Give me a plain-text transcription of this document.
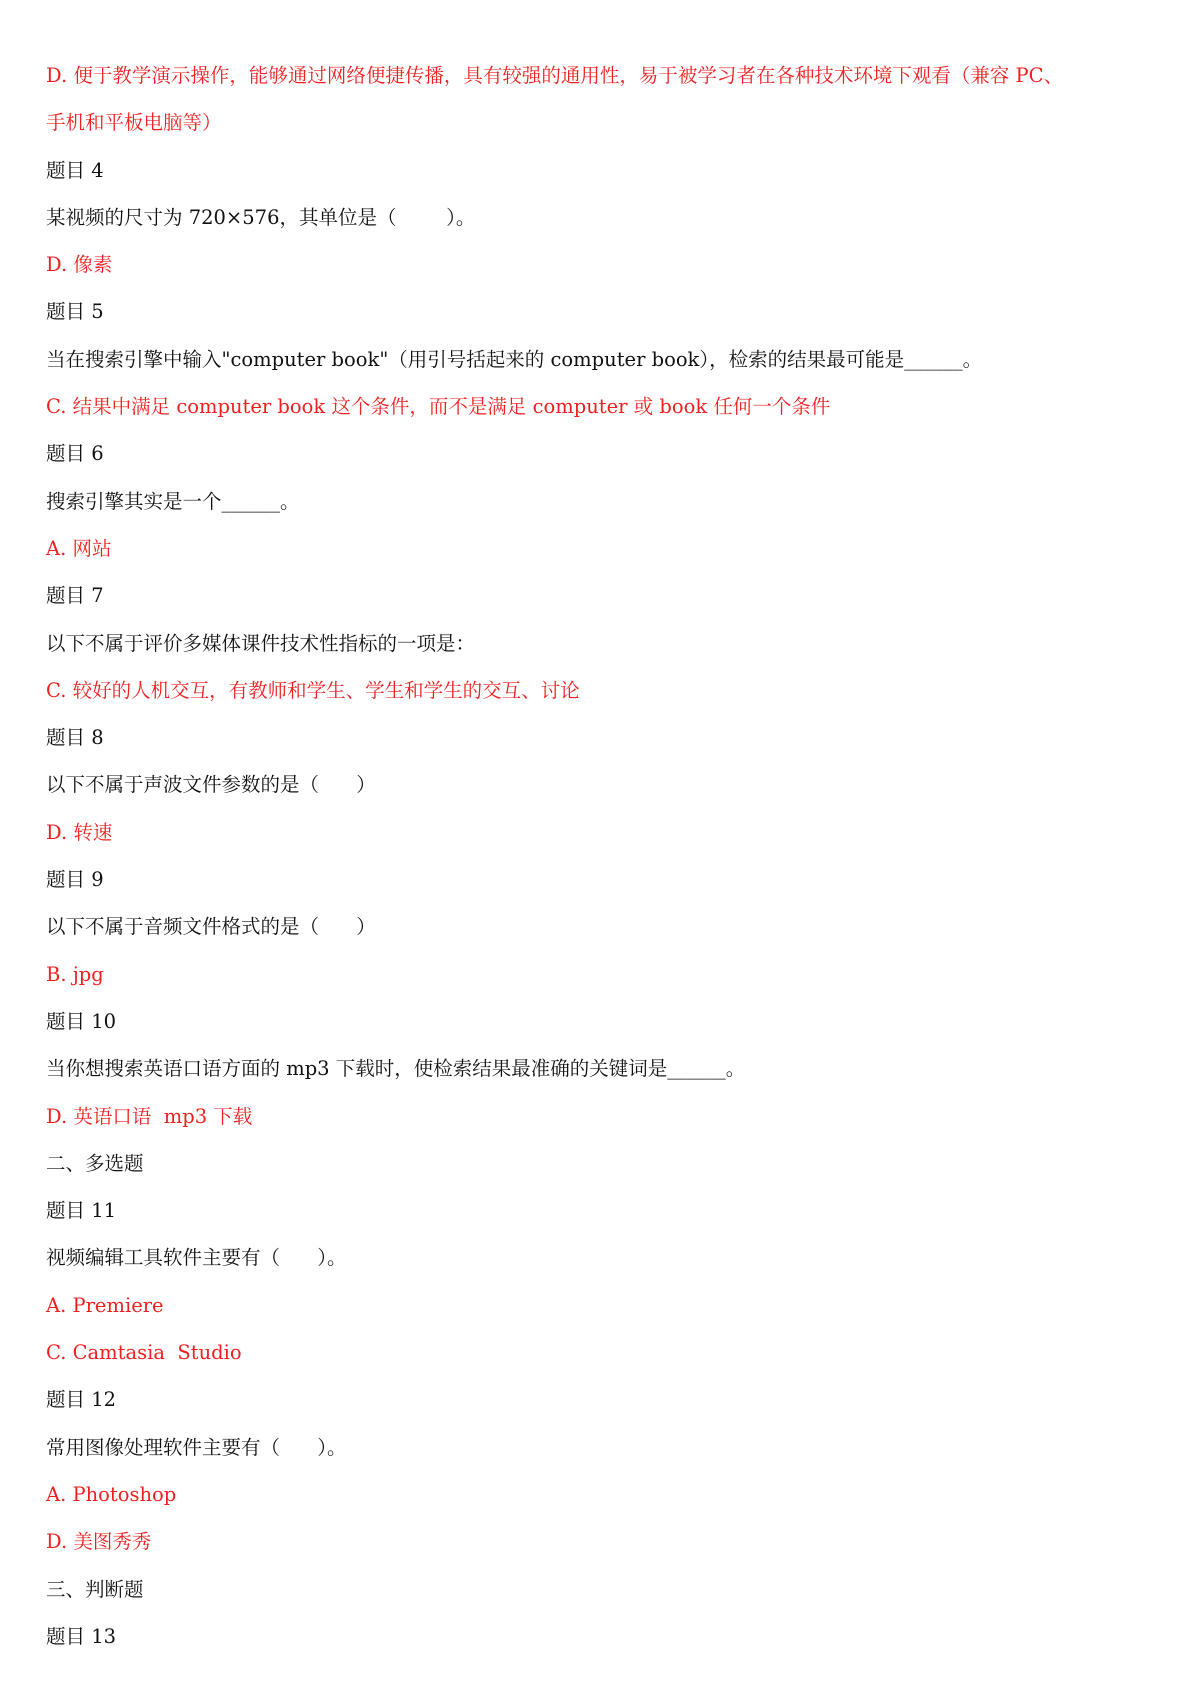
D. 便于教学演示操作，能够通过网络便捷传播，具有较强的通用性，易于被学习者在各种技术环境下观看（兼容 PC、
手机和平板电脑等）
题目 4
某视频的尺寸为 720×576，其单位是（        ）。
D. 像素
题目 5
当在搜索引擎中输入"computer book"（用引号括起来的 computer book），检索的结果最可能是______。
C. 结果中满足 computer book 这个条件，而不是满足 computer 或 book 任何一个条件
题目 6
搜索引擎其实是一个______。
A. 网站
题目 7
以下不属于评价多媒体课件技术性指标的一项是：
C. 较好的人机交互，有教师和学生、学生和学生的交互、讨论
题目 8
以下不属于声波文件参数的是（      ）
D. 转速
题目 9
以下不属于音频文件格式的是（      ）
B. jpg
题目 10
当你想搜索英语口语方面的 mp3 下载时，使检索结果最准确的关键词是______。
D. 英语口语  mp3 下载
二、多选题
题目 11
视频编辑工具软件主要有（      ）。
A. Premiere
C. Camtasia  Studio
题目 12
常用图像处理软件主要有（      ）。
A. Photoshop
D. 美图秀秀
三、判断题
题目 13
